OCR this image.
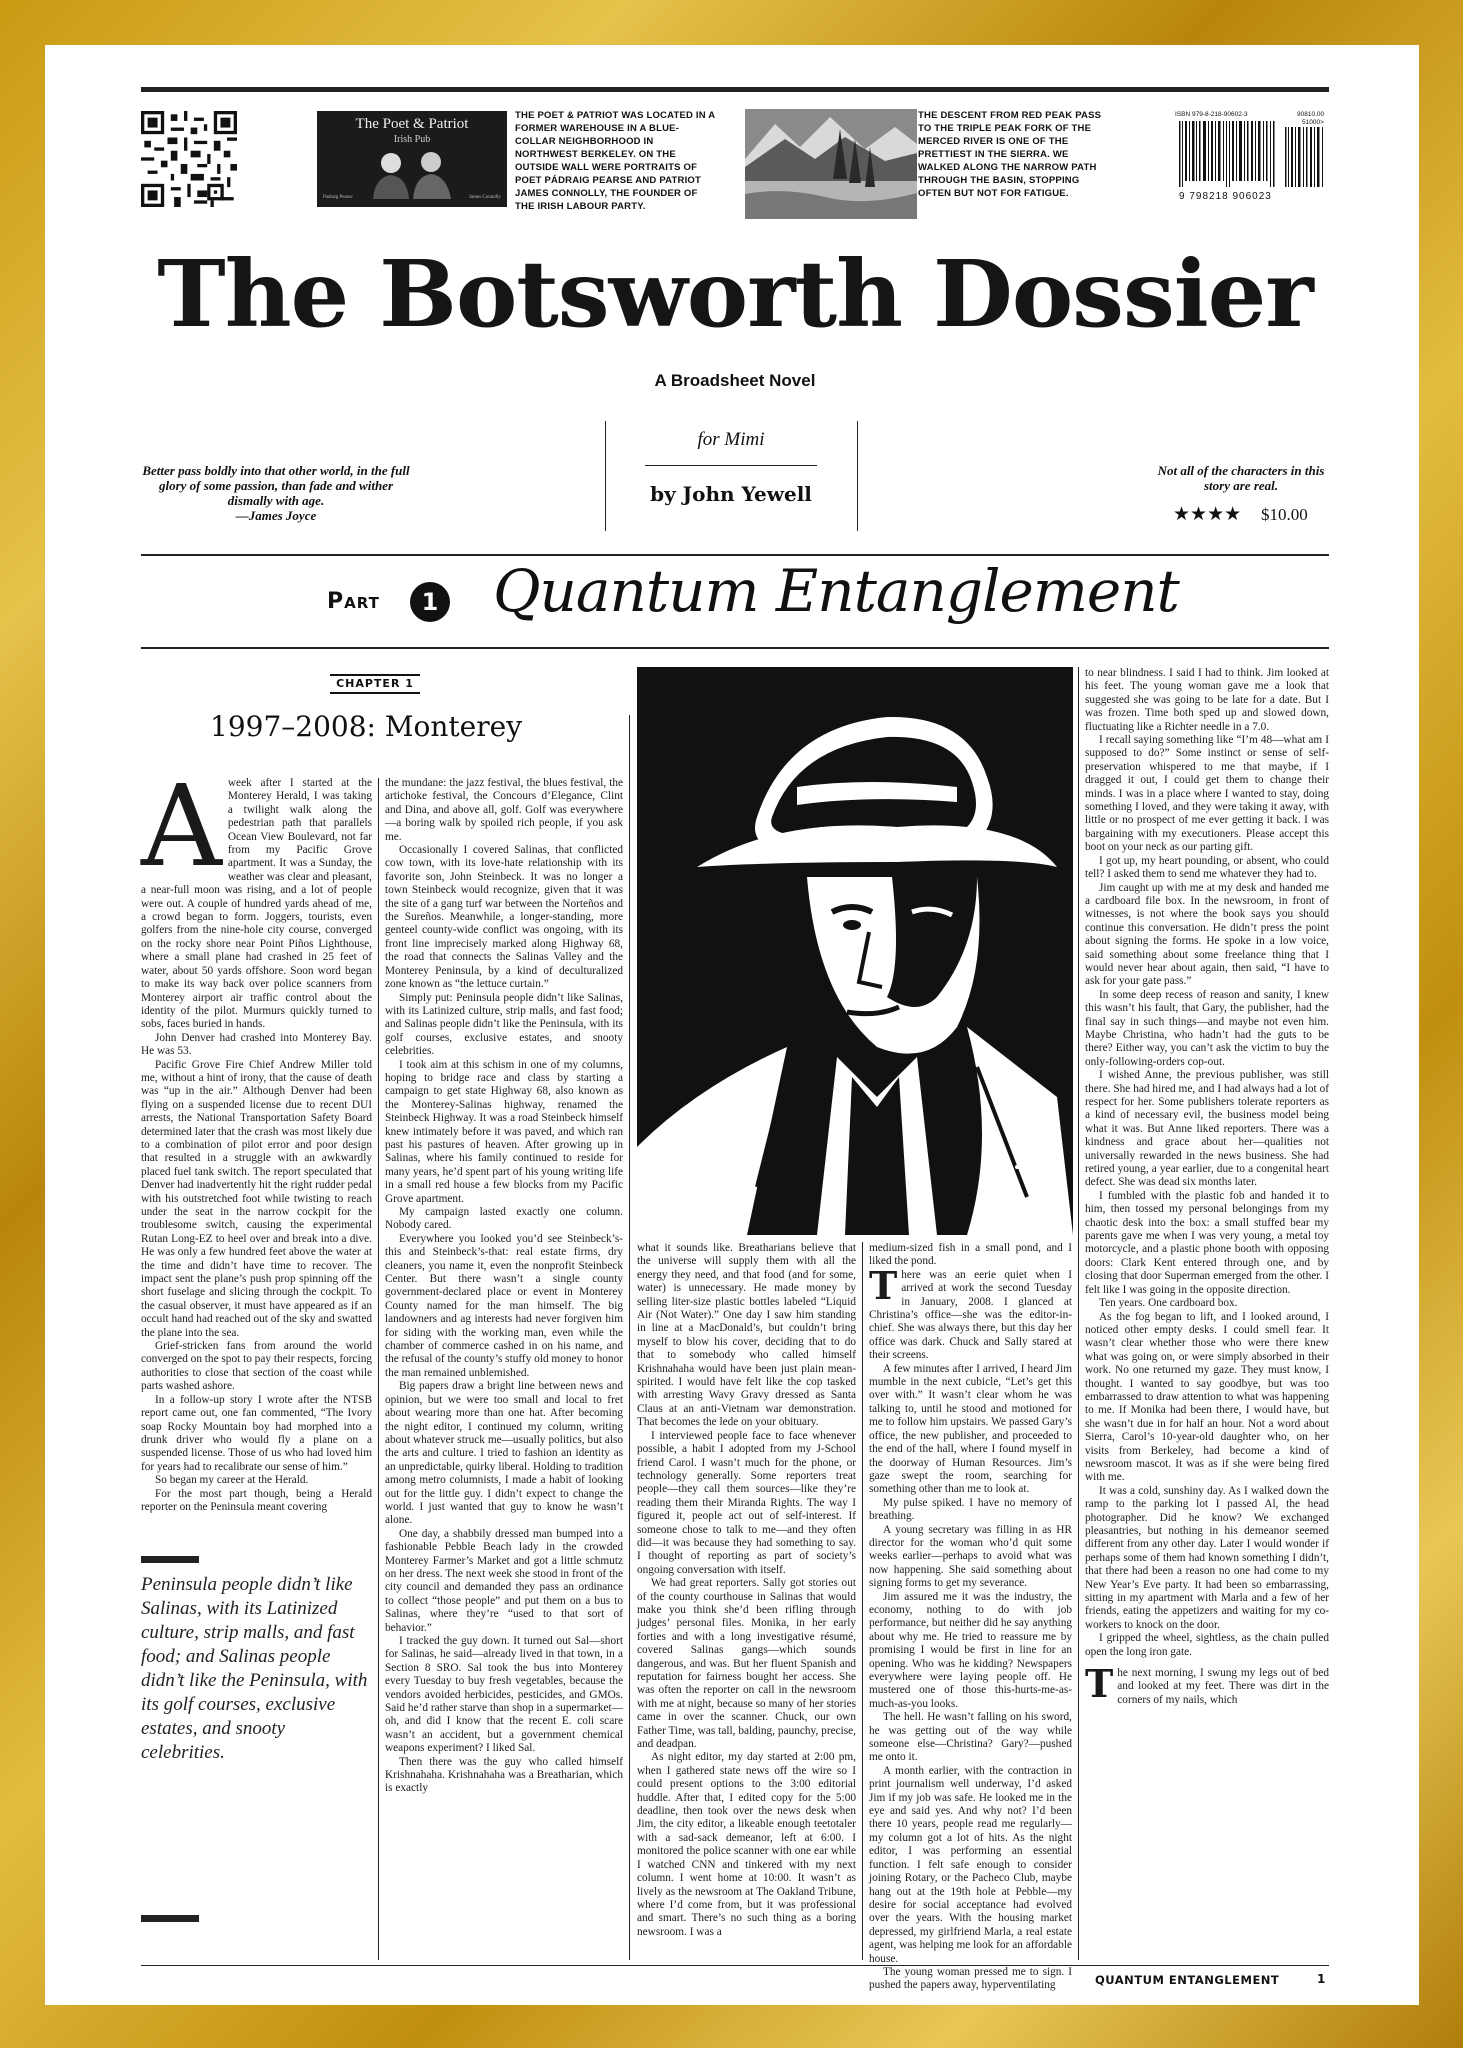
The Poet & Patriot
Irish Pub
Padraig Pearse	James Connolly
THE POET & PATRIOT WAS LOCATED IN A FORMER WAREHOUSE IN A BLUE-COLLAR NEIGHBORHOOD IN NORTHWEST BERKELEY. ON THE OUTSIDE WALL WERE PORTRAITS OF POET PÁDRAIG PEARSE AND PATRIOT JAMES CONNOLLY, THE FOUNDER OF THE IRISH LABOUR PARTY.
THE DESCENT FROM RED PEAK PASS TO THE TRIPLE PEAK FORK OF THE MERCED RIVER IS ONE OF THE PRETTIEST IN THE SIERRA. WE WALKED ALONG THE NARROW PATH THROUGH THE BASIN, STOPPING OFTEN BUT NOT FOR FATIGUE.
ISBN 979-8-218-90602-3	90810.00
51000>
9 798218 906023
The Botsworth Dossier
A Broadsheet Novel
for Mimi
by John Yewell
Better pass boldly into that other world, in the full glory of some passion, than fade and wither dismally with age.
—James Joyce
Not all of the characters in this story are real.
★★★★ $10.00
Part	1 Quantum Entanglement
CHAPTER 1
1997–2008: Monterey
A week after I started at the Monterey Herald, I was taking a twilight walk along the pedestrian path that parallels Ocean View Boulevard, not far from my Pacific Grove apartment. It was a Sunday, the weather was clear and pleasant, a near-full moon was rising, and a lot of people were out. A couple of hundred yards ahead of me, a crowd began to form. Joggers, tourists, even golfers from the nine-hole city course, converged on the rocky shore near Point Piños Lighthouse, where a small plane had crashed in 25 feet of water, about 50 yards offshore. Soon word began to make its way back over police scanners from Monterey airport air traffic control about the identity of the pilot. Murmurs quickly turned to sobs, faces buried in hands.

John Denver had crashed into Monterey Bay. He was 53.

Pacific Grove Fire Chief Andrew Miller told me, without a hint of irony, that the cause of death was “up in the air.” Although Denver had been flying on a suspended license due to recent DUI arrests, the National Transportation Safety Board determined later that the crash was most likely due to a combination of pilot error and poor design that resulted in a struggle with an awkwardly placed fuel tank switch. The report speculated that Denver had inadvertently hit the right rudder pedal with his outstretched foot while twisting to reach under the seat in the narrow cockpit for the troublesome switch, causing the experimental Rutan Long-EZ to heel over and break into a dive. He was only a few hundred feet above the water at the time and didn’t have time to recover. The impact sent the plane’s push prop spinning off the short fuselage and slicing through the cockpit. To the casual observer, it must have appeared as if an occult hand had reached out of the sky and swatted the plane into the sea.

Grief-stricken fans from around the world converged on the spot to pay their respects, forcing authorities to close that section of the coast while parts washed ashore.

In a follow-up story I wrote after the NTSB report came out, one fan commented, “The Ivory soap Rocky Mountain boy had morphed into a drunk driver who would fly a plane on a suspended license. Those of us who had loved him for years had to recalibrate our sense of him.”

So began my career at the Herald.

For the most part though, being a Herald reporter on the Peninsula meant covering

Peninsula people didn’t like Salinas, with its Latinized culture, strip malls, and fast food; and Salinas people didn’t like the Peninsula, with its golf courses, exclusive estates, and snooty celebrities.

the mundane: the jazz festival, the blues festival, the artichoke festival, the Concours d’Elegance, Clint and Dina, and above all, golf. Golf was everywhere—a boring walk by spoiled rich people, if you ask me.

Occasionally I covered Salinas, that conflicted cow town, with its love-hate relationship with its favorite son, John Steinbeck. It was no longer a town Steinbeck would recognize, given that it was the site of a gang turf war between the Norteños and the Sureños. Meanwhile, a longer-standing, more genteel county-wide conflict was ongoing, with its front line imprecisely marked along Highway 68, the road that connects the Salinas Valley and the Monterey Peninsula, by a kind of deculturalized zone known as “the lettuce curtain.”

Simply put: Peninsula people didn’t like Salinas, with its Latinized culture, strip malls, and fast food; and Salinas people didn’t like the Peninsula, with its golf courses, exclusive estates, and snooty celebrities.

I took aim at this schism in one of my columns, hoping to bridge race and class by starting a campaign to get state Highway 68, also known as the Monterey-Salinas highway, renamed the Steinbeck Highway. It was a road Steinbeck himself knew intimately before it was paved, and which ran past his pastures of heaven. After growing up in Salinas, where his family continued to reside for many years, he’d spent part of his young writing life in a small red house a few blocks from my Pacific Grove apartment.

My campaign lasted exactly one column. Nobody cared.

Everywhere you looked you’d see Steinbeck’s-this and Steinbeck’s-that: real estate firms, dry cleaners, you name it, even the nonprofit Steinbeck Center. But there wasn’t a single county government-declared place or event in Monterey County named for the man himself. The big landowners and ag interests had never forgiven him for siding with the working man, even while the chamber of commerce cashed in on his name, and the refusal of the county’s stuffy old money to honor the man remained unblemished.

Big papers draw a bright line between news and opinion, but we were too small and local to fret about wearing more than one hat. After becoming the night editor, I continued my column, writing about whatever struck me—usually politics, but also the arts and culture. I tried to fashion an identity as an unpredictable, quirky liberal. Holding to tradition among metro columnists, I made a habit of looking out for the little guy. I didn’t expect to change the world. I just wanted that guy to know he wasn’t alone.

One day, a shabbily dressed man bumped into a fashionable Pebble Beach lady in the crowded Monterey Farmer’s Market and got a little schmutz on her dress. The next week she stood in front of the city council and demanded they pass an ordinance to collect “those people” and put them on a bus to Salinas, where they’re “used to that sort of behavior.”

I tracked the guy down. It turned out Sal—short for Salinas, he said—already lived in that town, in a Section 8 SRO. Sal took the bus into Monterey every Tuesday to buy fresh vegetables, because the vendors avoided herbicides, pesticides, and GMOs. Said he’d rather starve than shop in a supermarket—oh, and did I know that the recent E. coli scare wasn’t an accident, but a government chemical weapons experiment? I liked Sal.

Then there was the guy who called himself Krishnahaha. Krishnahaha was a Breatharian, which is exactly

what it sounds like. Breatharians believe that the universe will supply them with all the energy they need, and that food (and for some, water) is unnecessary. He made money by selling liter-size plastic bottles labeled “Liquid Air (Not Water).” One day I saw him standing in line at a MacDonald’s, but couldn’t bring myself to blow his cover, deciding that to do that to somebody who called himself Krishnahaha would have been just plain mean-spirited. I would have felt like the cop tasked with arresting Wavy Gravy dressed as Santa Claus at an anti-Vietnam war demonstration. That becomes the lede on your obituary.

I interviewed people face to face whenever possible, a habit I adopted from my J-School friend Carol. I wasn’t much for the phone, or technology generally. Some reporters treat people—they call them sources—like they’re reading them their Miranda Rights. The way I figured it, people act out of self-interest. If someone chose to talk to me—and they often did—it was because they had something to say. I thought of reporting as part of society’s ongoing conversation with itself.

We had great reporters. Sally got stories out of the county courthouse in Salinas that would make you think she’d been rifling through judges’ personal files. Monika, in her early forties and with a long investigative résumé, covered Salinas gangs—which sounds dangerous, and was. But her fluent Spanish and reputation for fairness bought her access. She was often the reporter on call in the newsroom with me at night, because so many of her stories came in over the scanner. Chuck, our own Father Time, was tall, balding, paunchy, precise, and deadpan.

As night editor, my day started at 2:00 pm, when I gathered state news off the wire so I could present options to the 3:00 editorial huddle. After that, I edited copy for the 5:00 deadline, then took over the news desk when Jim, the city editor, a likeable enough teetotaler with a sad-sack demeanor, left at 6:00. I monitored the police scanner with one ear while I watched CNN and tinkered with my next column. I went home at 10:00. It wasn’t as lively as the newsroom at The Oakland Tribune, where I’d come from, but it was professional and smart. There’s no such thing as a boring newsroom. I was a

medium-sized fish in a small pond, and I liked the pond.

T here was an eerie quiet when I arrived at work the second Tuesday in January, 2008. I glanced at Christina’s office—she was the editor-in-chief. She was always there, but this day her office was dark. Chuck and Sally stared at their screens.

A few minutes after I arrived, I heard Jim mumble in the next cubicle, “Let’s get this over with.” It wasn’t clear whom he was talking to, until he stood and motioned for me to follow him upstairs. We passed Gary’s office, the new publisher, and proceeded to the end of the hall, where I found myself in the doorway of Human Resources. Jim’s gaze swept the room, searching for something other than me to look at.

My pulse spiked. I have no memory of breathing.

A young secretary was filling in as HR director for the woman who’d quit some weeks earlier—perhaps to avoid what was now happening. She said something about signing forms to get my severance.

Jim assured me it was the industry, the economy, nothing to do with job performance, but neither did he say anything about why me. He tried to reassure me by promising I would be first in line for an opening. Who was he kidding? Newspapers everywhere were laying people off. He mustered one of those this-hurts-me-as-much-as-you looks.

The hell. He wasn’t falling on his sword, he was getting out of the way while someone else—Christina? Gary?—pushed me onto it.

A month earlier, with the contraction in print journalism well underway, I’d asked Jim if my job was safe. He looked me in the eye and said yes. And why not? I’d been there 10 years, people read me regularly—my column got a lot of hits. As the night editor, I was performing an essential function. I felt safe enough to consider joining Rotary, or the Pacheco Club, maybe hang out at the 19th hole at Pebble—my desire for social acceptance had evolved over the years. With the housing market depressed, my girlfriend Marla, a real estate agent, was helping me look for an affordable house.

The young woman pressed me to sign. I pushed the papers away, hyperventilating

to near blindness. I said I had to think. Jim looked at his feet. The young woman gave me a look that suggested she was going to be late for a date. But I was frozen. Time both sped up and slowed down, fluctuating like a Richter needle in a 7.0.

I recall saying something like “I’m 48—what am I supposed to do?” Some instinct or sense of self-preservation whispered to me that maybe, if I dragged it out, I could get them to change their minds. I was in a place where I wanted to stay, doing something I loved, and they were taking it away, with little or no prospect of me ever getting it back. I was bargaining with my executioners. Please accept this boot on your neck as our parting gift.

I got up, my heart pounding, or absent, who could tell? I asked them to send me whatever they had to.

Jim caught up with me at my desk and handed me a cardboard file box. In the newsroom, in front of witnesses, is not where the book says you should continue this conversation. He didn’t press the point about signing the forms. He spoke in a low voice, said something about some freelance thing that I would never hear about again, then said, “I have to ask for your gate pass.”

In some deep recess of reason and sanity, I knew this wasn’t his fault, that Gary, the publisher, had the final say in such things—and maybe not even him. Maybe Christina, who hadn’t had the guts to be there? Either way, you can’t ask the victim to buy the only-following-orders cop-out.

I wished Anne, the previous publisher, was still there. She had hired me, and I had always had a lot of respect for her. Some publishers tolerate reporters as a kind of necessary evil, the business model being what it was. But Anne liked reporters. There was a kindness and grace about her—qualities not universally rewarded in the news business. She had retired young, a year earlier, due to a congenital heart defect. She was dead six months later.

I fumbled with the plastic fob and handed it to him, then tossed my personal belongings from my chaotic desk into the box: a small stuffed bear my parents gave me when I was very young, a metal toy motorcycle, and a plastic phone booth with opposing doors: Clark Kent entered through one, and by closing that door Superman emerged from the other. I felt like I was going in the opposite direction.

Ten years. One cardboard box.

As the fog began to lift, and I looked around, I noticed other empty desks. I could smell fear. It wasn’t clear whether those who were there knew what was going on, or were simply absorbed in their work. No one returned my gaze. They must know, I thought. I wanted to say goodbye, but was too embarrassed to draw attention to what was happening to me. If Monika had been there, I would have, but she wasn’t due in for half an hour. Not a word about Sierra, Carol’s 10-year-old daughter who, on her visits from Berkeley, had become a kind of newsroom mascot. It was as if she were being fired with me.

It was a cold, sunshiny day. As I walked down the ramp to the parking lot I passed Al, the head photographer. Did he know? We exchanged pleasantries, but nothing in his demeanor seemed different from any other day. Later I would wonder if perhaps some of them had known something I didn’t, that there had been a reason no one had come to my New Year’s Eve party. It had been so embarrassing, sitting in my apartment with Marla and a few of her friends, eating the appetizers and waiting for my co-workers to knock on the door.

I gripped the wheel, sightless, as the chain pulled open the long iron gate.

The next morning, I swung my legs out of bed and looked at my feet. There was dirt in the corners of my nails, which

QUANTUM ENTANGLEMENT	1
